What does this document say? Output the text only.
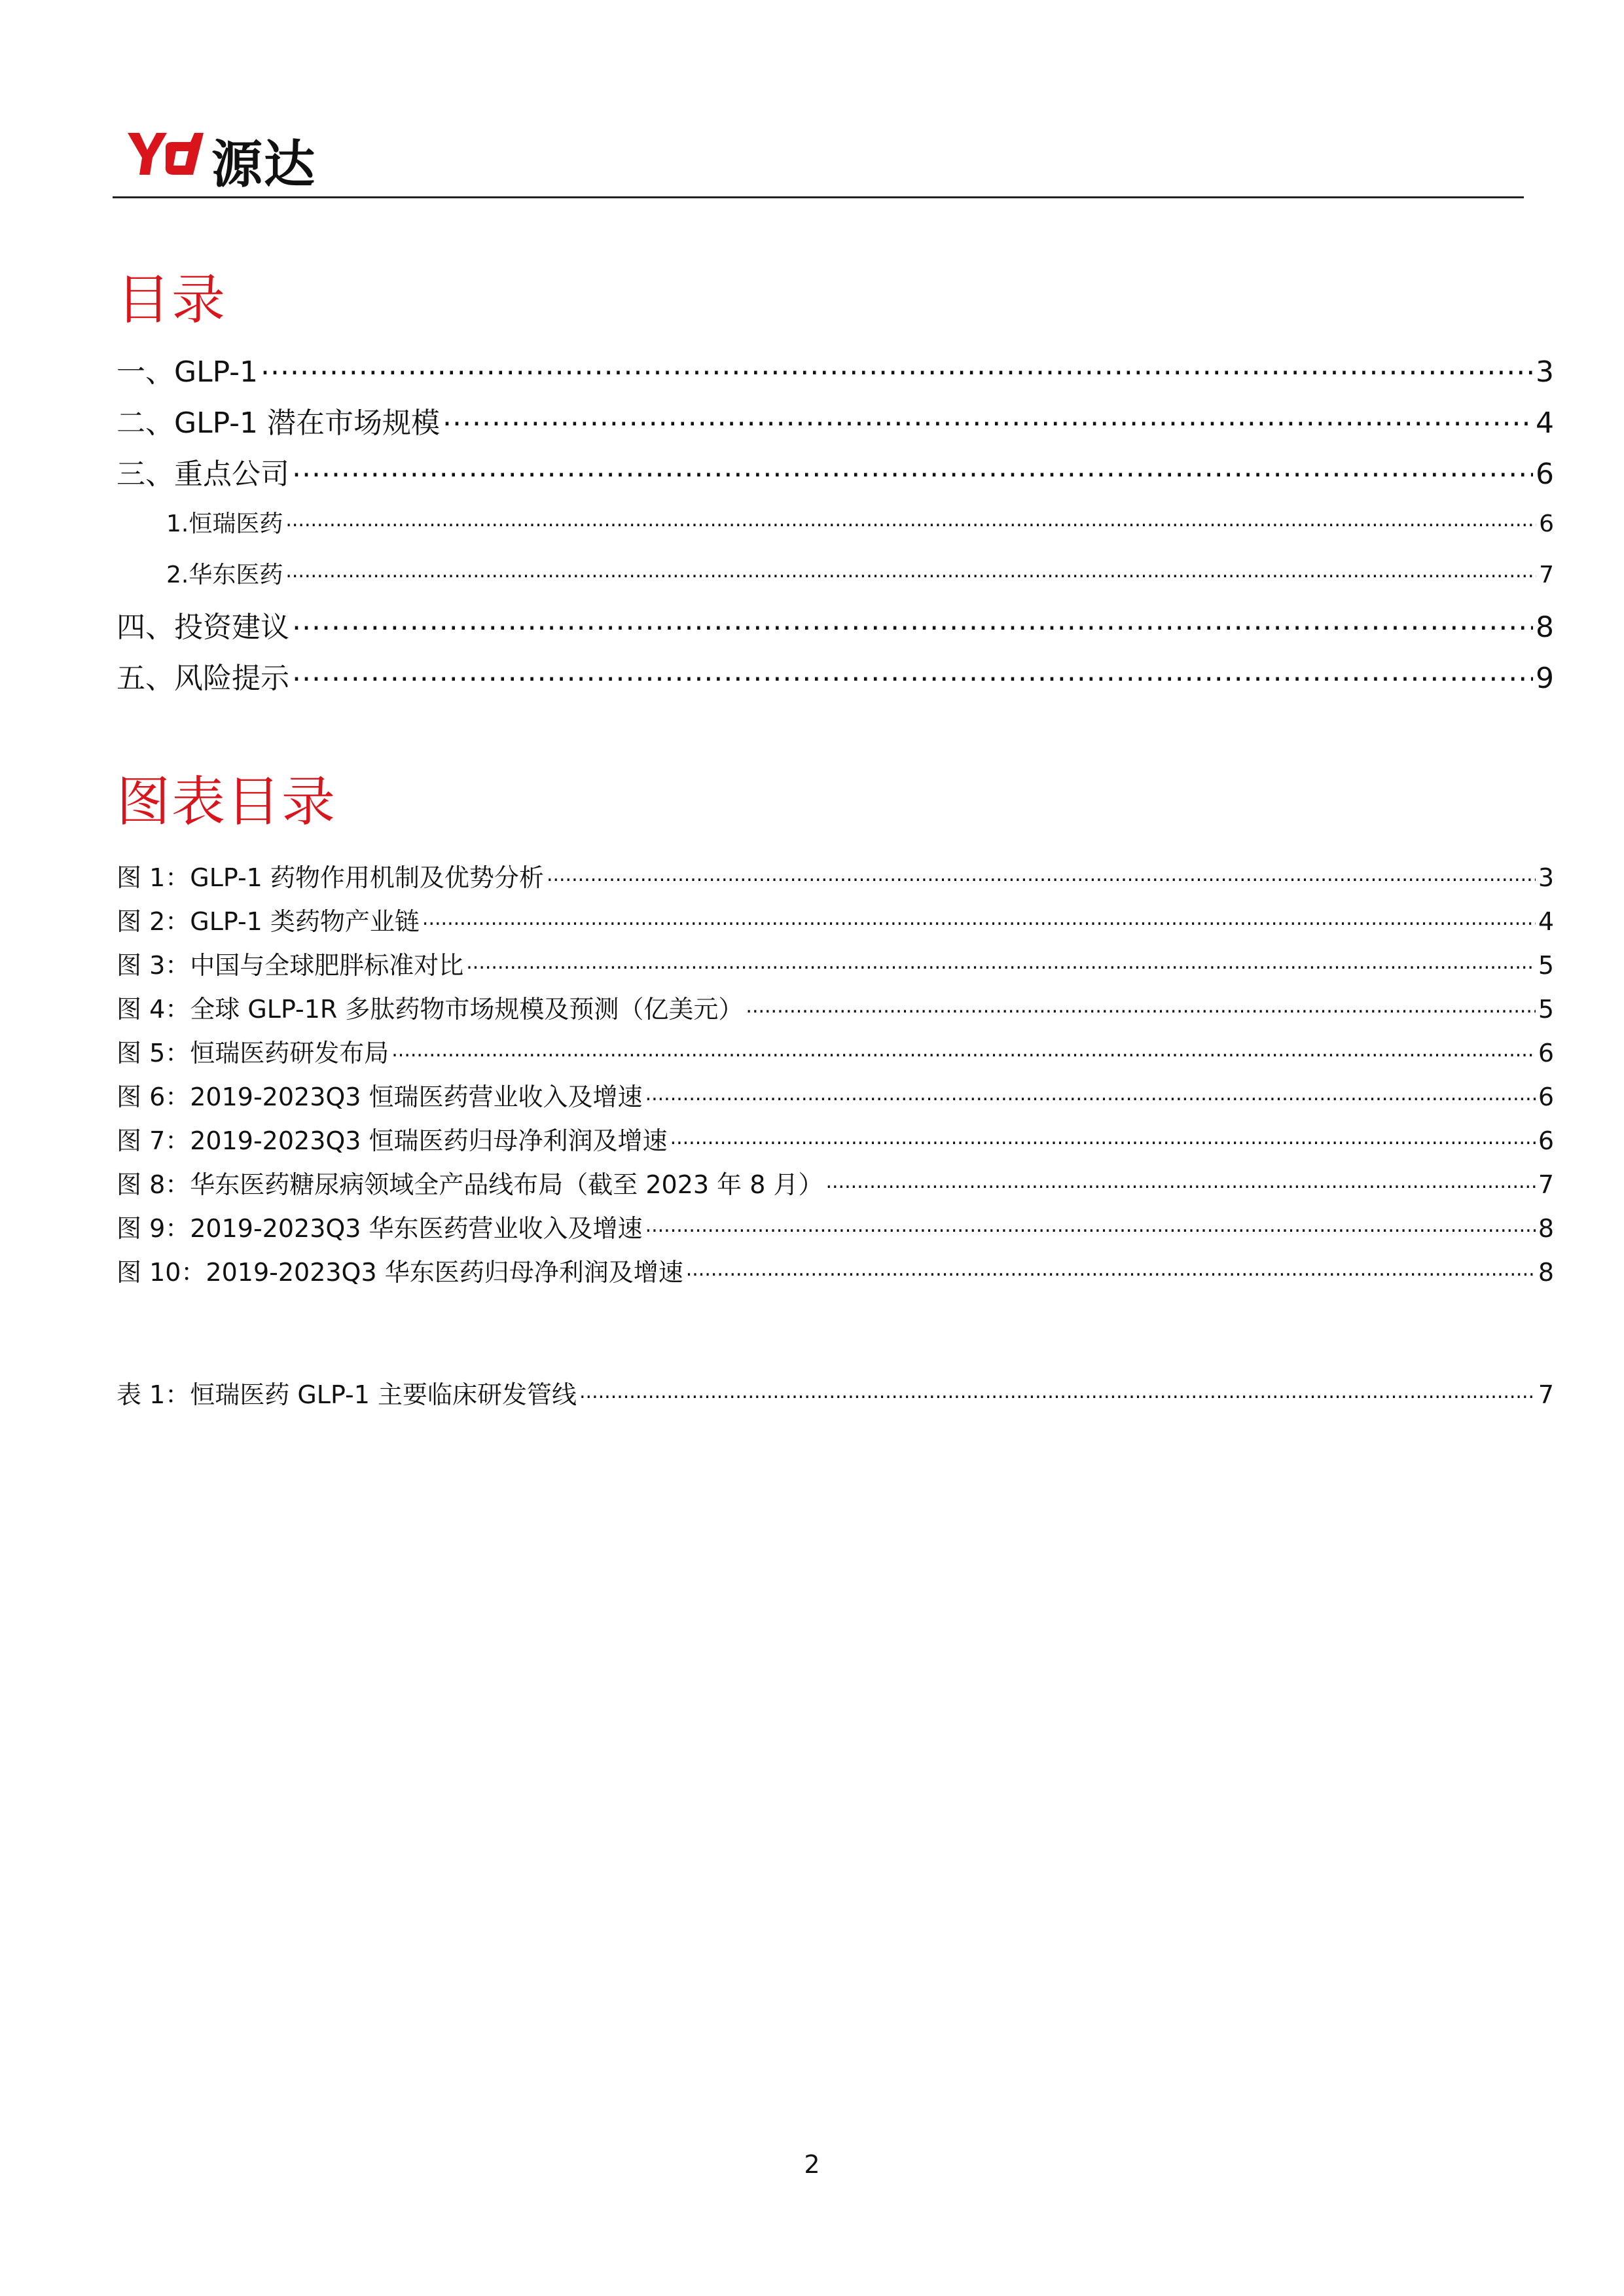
源达
目录
一、GLP-1 .....	3
二、GLP-1 潜在市场规模 .....	4
三、重点公司 .....	6
1.恒瑞医药 .....	6
2.华东医药 .....	7
四、投资建议 .....	8
五、风险提示 .....	9
图表目录
图 1：GLP-1 药物作用机制及优势分析 .....	3
图 2：GLP-1 类药物产业链 .....	4
图 3：中国与全球肥胖标准对比 .....	5
图 4：全球 GLP-1R 多肽药物市场规模及预测（亿美元） .....	5
图 5：恒瑞医药研发布局 .....	6
图 6：2019-2023Q3 恒瑞医药营业收入及增速 .....	6
图 7：2019-2023Q3 恒瑞医药归母净利润及增速 .....	6
图 8：华东医药糖尿病领域全产品线布局（截至 2023 年 8 月） .....	7
图 9：2019-2023Q3 华东医药营业收入及增速 .....	8
图 10：2019-2023Q3 华东医药归母净利润及增速 .....	8
表 1：恒瑞医药 GLP-1 主要临床研发管线 .....	7
2
